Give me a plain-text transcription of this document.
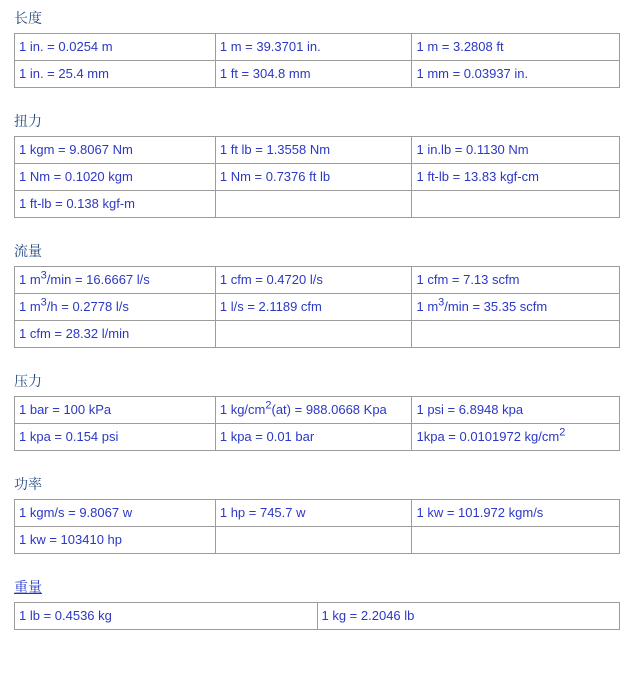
长度

1 in. = 0.0254 m	1 m = 39.3701 in.	1 m = 3.2808 ft
1 in. = 25.4 mm	1 ft = 304.8 mm	1 mm = 0.03937 in.

扭力

1 kgm = 9.8067 Nm	1 ft lb = 1.3558 Nm	1 in.lb = 0.1130 Nm
1 Nm = 0.1020 kgm	1 Nm = 0.7376 ft lb	1 ft-lb = 13.83 kgf-cm
1 ft-lb = 0.138 kgf-m		

流量

1 $m^3/\min = 16.6667$ l/s	1 cfm = 0.4720 l/s	1 cfm = 7.13 scfm
1 $m^3/h = 0.2778$ l/s	1 l/s = 2.1189 cfm	1 $m^3/\min = 35.35$ scfm
1 cfm = 28.32 l/min		

压力

1 bar = 100 kPa	1 $kg/cm^2(at) = 988.0668$ Kpa	1 psi = 6.8948 kpa
1 kpa = 0.154 psi	1 kpa = 0.01 bar	1kpa = 0.0101972 $kg/cm^2$

功率

1 kgm/s = 9.8067 w	1 hp = 745.7 w	1 kw = 101.972 kgm/s
1 kw = 103410 hp		

重量

1 lb = 0.4536 kg	1 kg = 2.2046 lb
